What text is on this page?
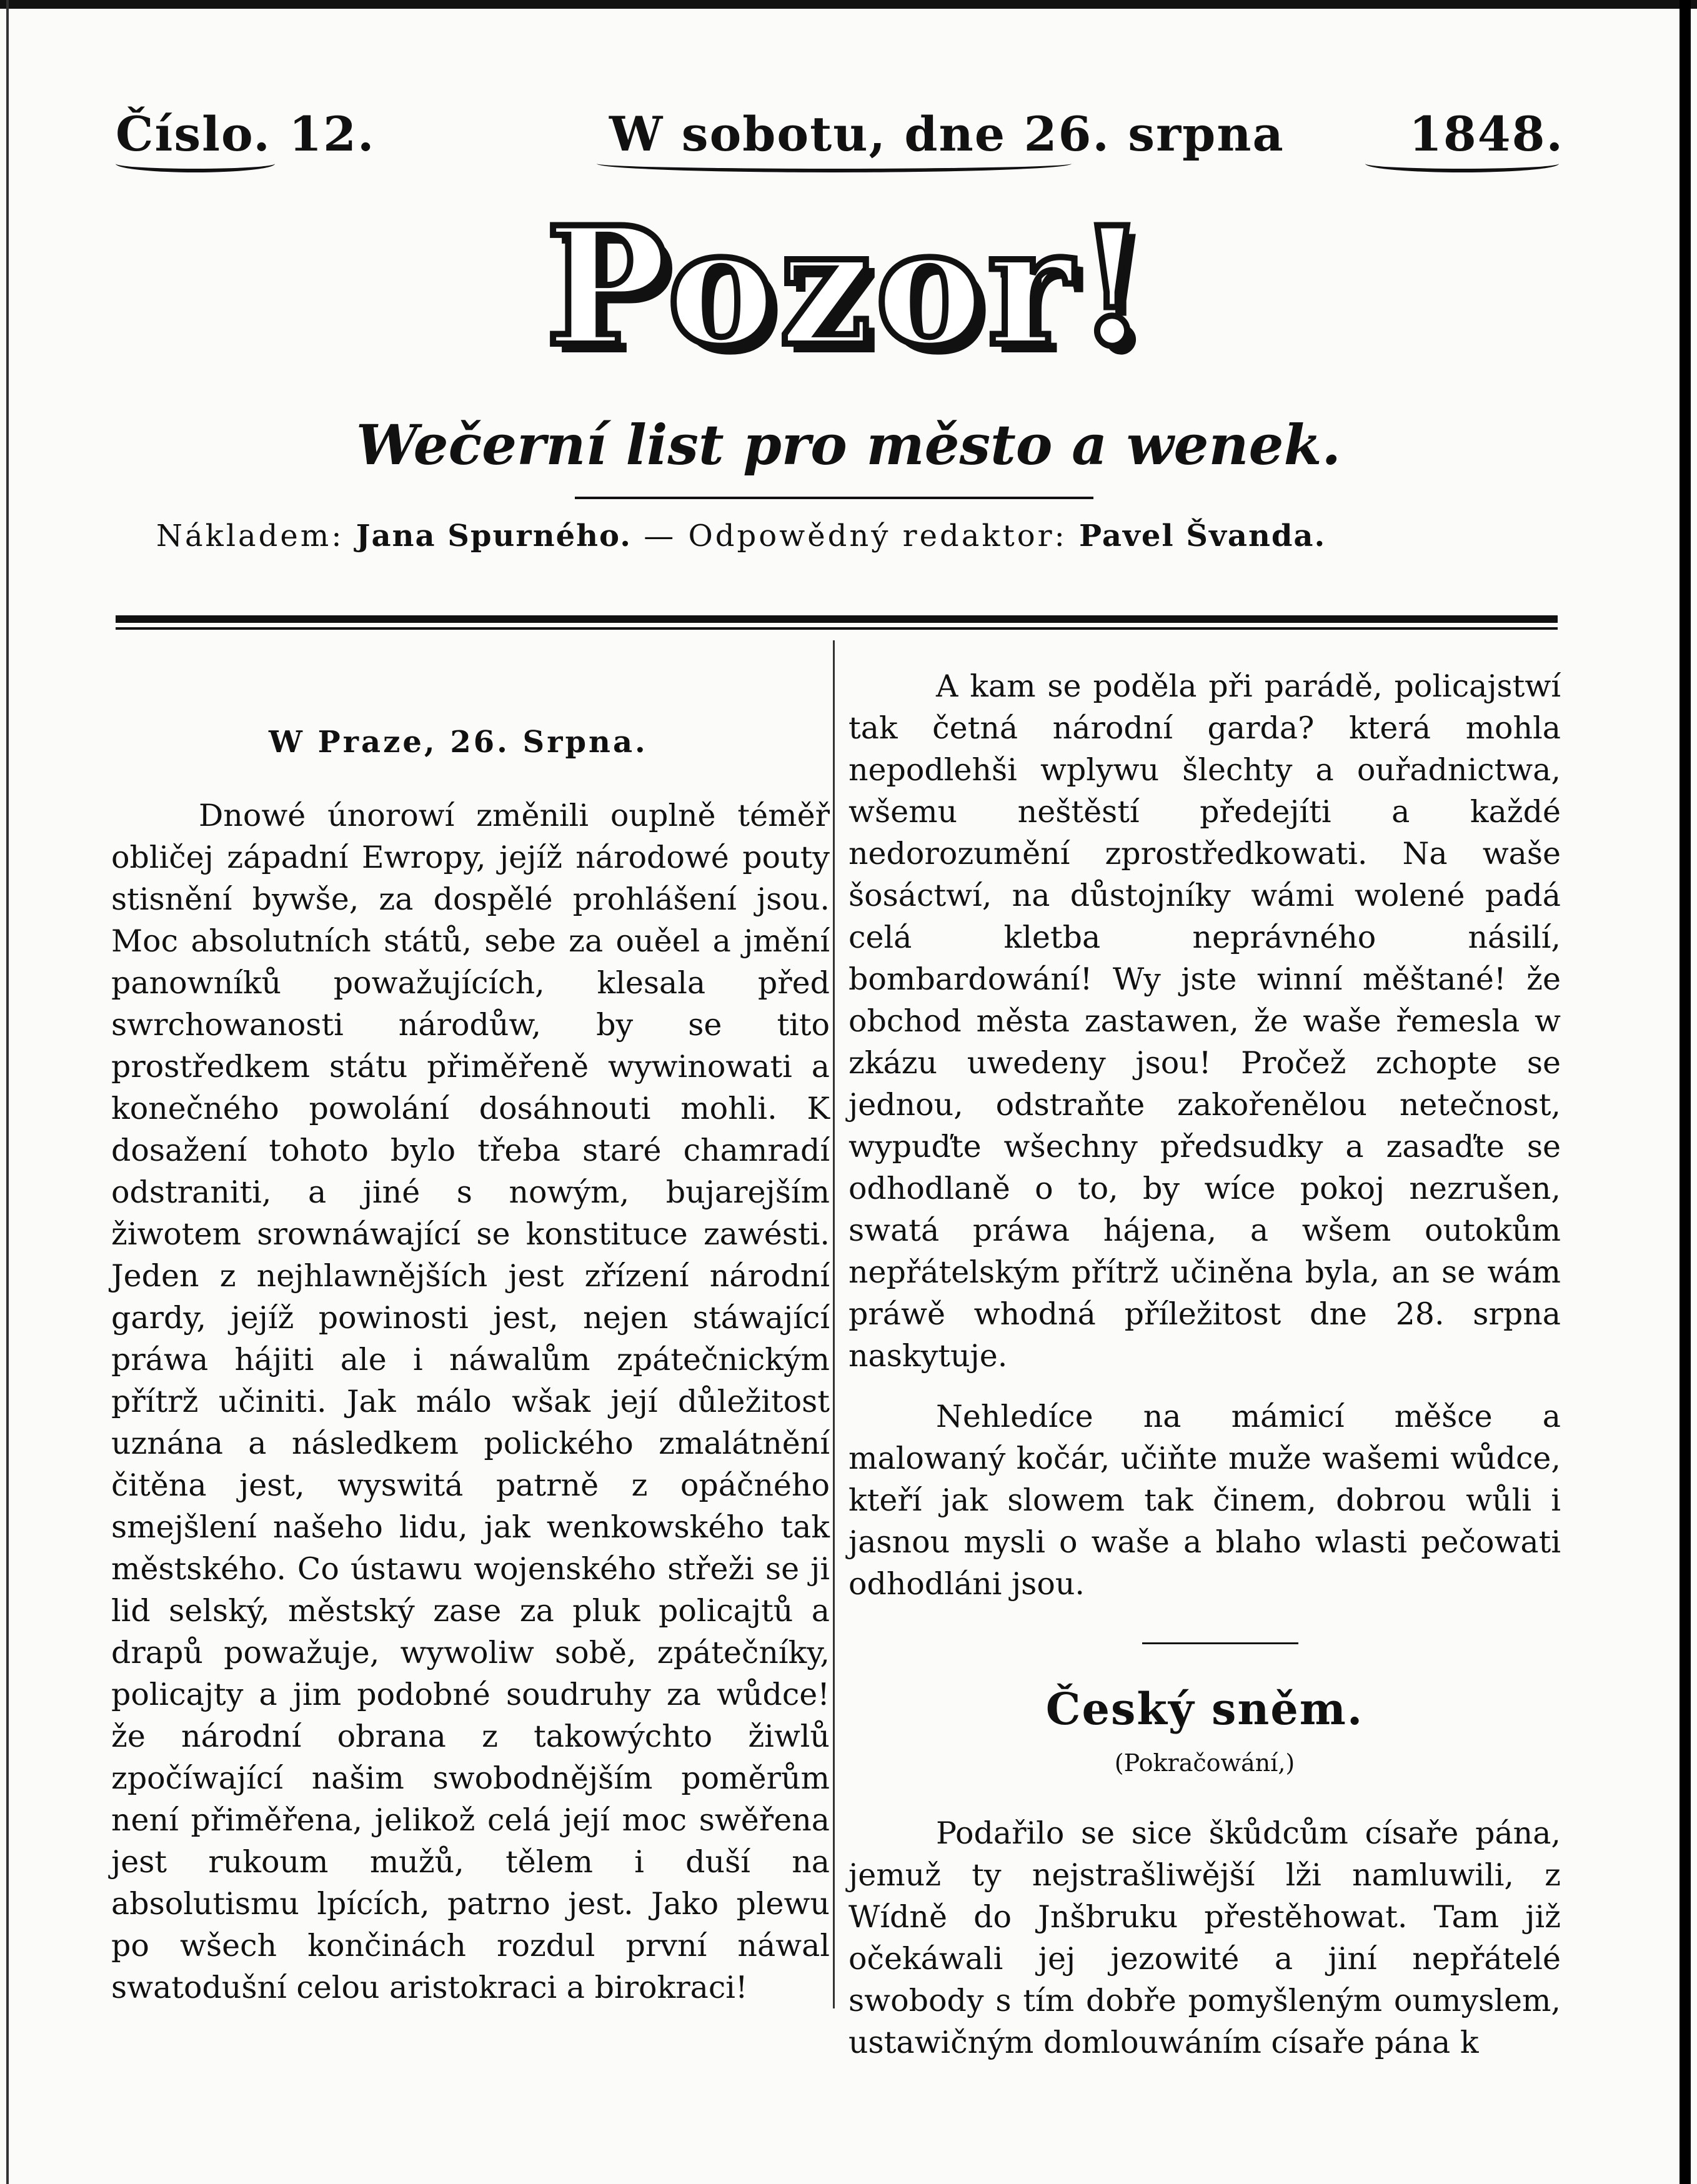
Číslo. 12.	W sobotu, dne 26. srpna	1848.
Pozor!
Wečerní list pro město a wenek.
Nákladem: Jana Spurného. — Odpowědný redaktor: Pavel Švanda.
W Praze, 26. Srpna.

Dnowé únorowí změnili ouplně téměř obličej západní Ewropy, jejíž národowé pouty stisnění bywše, za dospělé prohlášení jsou. Moc absolutních států, sebe za ouěel a jmění panowníků powažujících, klesala před swrchowanosti národůw, by se tito prostředkem státu přiměřeně wywinowati a konečného powolání dosáhnouti mohli. K dosažení tohoto bylo třeba staré chamradí odstraniti, a jiné s nowým, bujarejším žiwotem srownáwající se konstituce zawésti. Jeden z nejhlawnějších jest zřízení národní gardy, jejíž powinosti jest, nejen stáwající práwa hájiti ale i náwalům zpátečnickým přítrž učiniti. Jak málo wšak její důležitost uznána a následkem polického zmalátnění čitěna jest, wyswitá patrně z opáčného smejšlení našeho lidu, jak wenkowského tak městského. Co ústawu wojenského střeži se ji lid selský, městský zase za pluk policajtů a drapů powažuje, wywoliw sobě, zpátečníky, policajty a jim podobné soudruhy za wůdce! že národní obrana z takowýchto žiwlů zpočíwající našim swobodnějším poměrům není přiměřena, jelikož celá její moc swěřena jest rukoum mužů, tělem i duší na absolutismu lpících, patrno jest. Jako plewu po wšech končinách rozdul první náwal swatodušní celou aristokraci a birokraci!

A kam se poděla při parádě, policajstwí tak četná národní garda? která mohla nepodlehši wplywu šlechty a ouřadnictwa, wšemu neštěstí předejíti a každé nedorozumění zprostředkowati. Na waše šosáctwí, na důstojníky wámi wolené padá celá kletba neprávného násilí, bombardowání! Wy jste winní měštané! že obchod města zastawen, že waše řemesla w zkázu uwedeny jsou! Pročež zchopte se jednou, odstraňte zakořenělou netečnost, wypuďte wšechny předsudky a zasaďte se odhodlaně o to, by wíce pokoj nezrušen, swatá práwa hájena, a wšem outokům nepřátelským přítrž učiněna byla, an se wám práwě whodná příležitost dne 28. srpna naskytuje.

Nehledíce na mámicí měšce a malowaný kočár, učiňte muže wašemi wůdce, kteří jak slowem tak činem, dobrou wůli i jasnou mysli o waše a blaho wlasti pečowati odhodláni jsou.

Český sněm.
(Pokračowání,)

Podařilo se sice škůdcům císaře pána, jemuž ty nejstrašliwější lži namluwili, z Wídně do Jnšbruku přestěhowat. Tam již očekáwali jej jezowité a jiní nepřátelé swobody s tím dobře pomyšleným oumyslem, ustawičným domlouwáním císaře pána k
